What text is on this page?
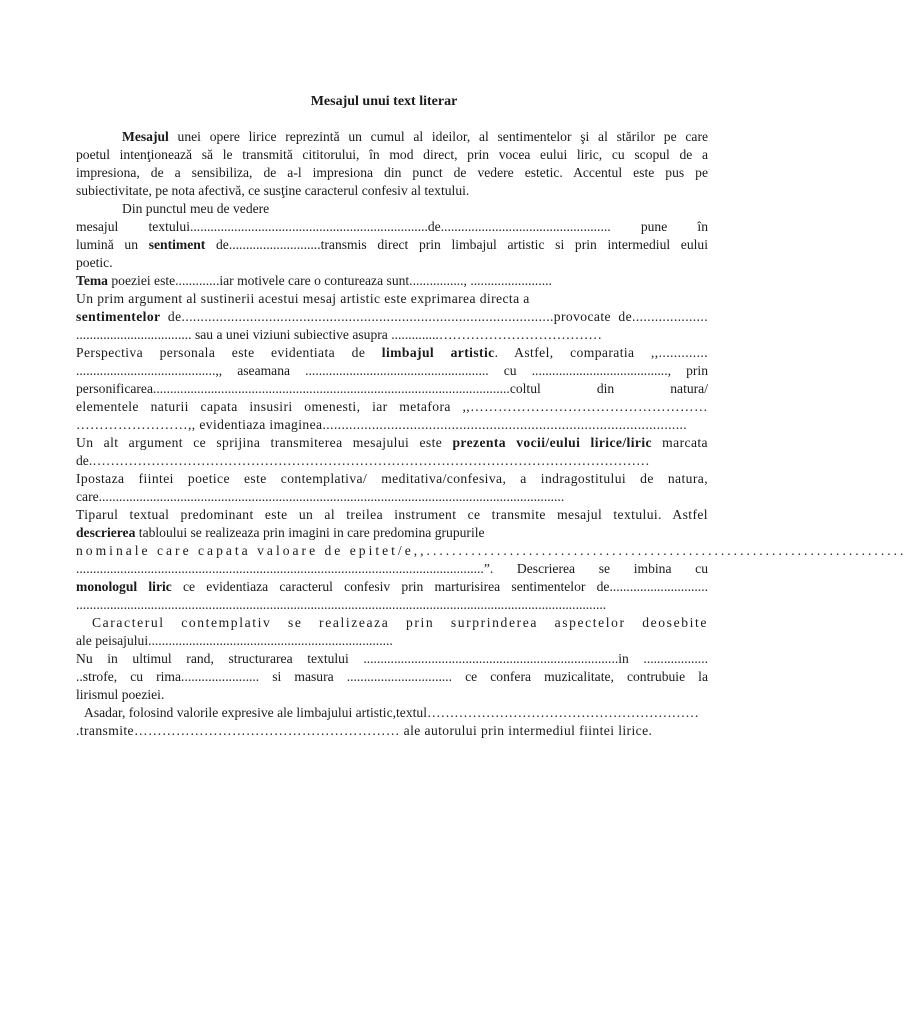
Mesajul unui text literar
Mesajul unei opere lirice reprezintă un cumul al ideilor, al sentimentelor şi al stărilor pe care
poetul intenţionează să le transmită cititorului, în mod direct, prin vocea eului liric, cu scopul de a
impresiona, de a sensibiliza, de a-l impresiona din punct de vedere estetic. Accentul este pus pe
subiectivitate, pe nota afectivă, ce susţine caracterul confesiv al textului.
Din punctul meu de vedere
mesajul textului......................................................................de.................................................. pune în
lumină un sentiment de...........................transmis direct prin limbajul artistic si prin intermediul eului
poetic.
Tema poeziei este.............iar motivele care o contureaza sunt................, ........................
Un prim argument al sustinerii acestui mesaj artistic este exprimarea directa a
sentimentelor de..................................................................................................provocate de....................
.................................. sau a unei viziuni subiective asupra ..............………………………………
Perspectiva personala este evidentiata de limbajul artistic. Astfel, comparatia ,,.............
.........................................,, aseamana ...................................................... cu ........................................, prin
personificarea.........................................................................................................coltul din natura/
elementele naturii capata insusiri omenesti, iar metafora ,,……………………………………………
……………………,, evidentiaza imaginea................................................................................................
Un alt argument ce sprijina transmiterea mesajului este prezenta vocii/eului lirice/liric marcata
de.……………………………………………………………………………………………………………
Ipostaza fiintei poetice este contemplativa/ meditativa/confesiva, a indragostitului de natura,
care.........................................................................................................................................
Tiparul textual predominant este un al treilea instrument ce transmite mesajul textului. Astfel
descrierea tabloului se realizeaza prin imagini in care predomina grupurile
nominale care capata valoare de epitet/e,,...........................................................................
........................................................................................................................”. Descrierea se imbina cu
monologul liric ce evidentiaza caracterul confesiv prin marturisirea sentimentelor de.............................
............................................................................................................................................................
Caracterul contemplativ se realizeaza prin surprinderea aspectelor deosebite
ale peisajului........................................................................
Nu in ultimul rand, structurarea textului ...........................................................................in ...................
..strofe, cu rima....................... si masura ............................... ce confera muzicalitate, contrubuie la
lirismul poeziei.
Asadar, folosind valorile expresive ale limbajului artistic,textul……………………………………………………
.transmite………………………………………………… ale autorului prin intermediul fiintei lirice.
